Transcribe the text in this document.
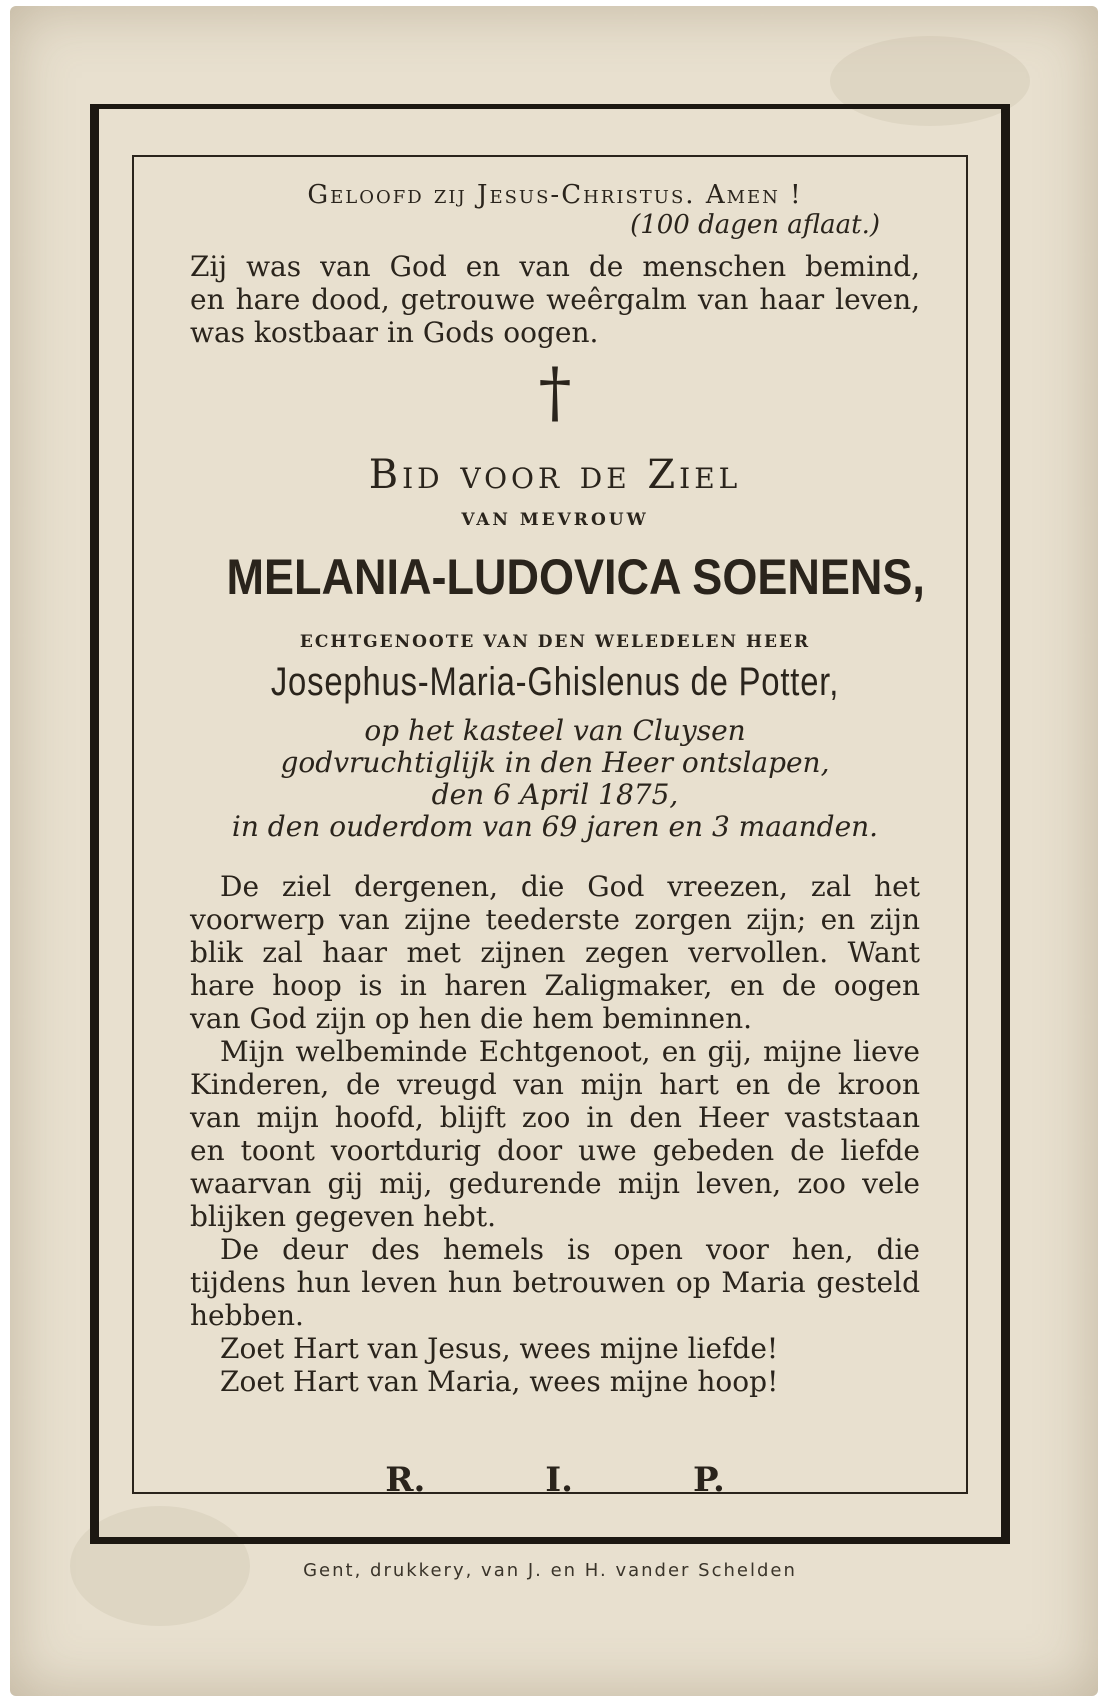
Geloofd zij Jesus-Christus. Amen !
(100 dagen aflaat.)
Zij was van God en van de menschen bemind,
en hare dood, getrouwe weêrgalm van haar leven,
was kostbaar in Gods oogen.
†
Bid voor de Ziel
VAN MEVROUW
MELANIA-LUDOVICA SOENENS,
ECHTGENOOTE VAN DEN WELEDELEN HEER
Josephus-Maria-Ghislenus de Potter,
op het kasteel van Cluysen
godvruchtiglijk in den Heer ontslapen,
den 6 April 1875,
in den ouderdom van 69 jaren en 3 maanden.
De ziel dergenen, die God vreezen, zal het
voorwerp van zijne teederste zorgen zijn; en zijn
blik zal haar met zijnen zegen vervollen. Want
hare hoop is in haren Zaligmaker, en de oogen
van God zijn op hen die hem beminnen.
Mijn welbeminde Echtgenoot, en gij, mijne lieve
Kinderen, de vreugd van mijn hart en de kroon
van mijn hoofd, blijft zoo in den Heer vaststaan
en toont voortdurig door uwe gebeden de liefde
waarvan gij mij, gedurende mijn leven, zoo vele
blijken gegeven hebt.
De deur des hemels is open voor hen, die
tijdens hun leven hun betrouwen op Maria gesteld
hebben.
Zoet Hart van Jesus, wees mijne liefde!
Zoet Hart van Maria, wees mijne hoop!
R.	I.	P.
Gent, drukkery, van J. en H. vander Schelden
